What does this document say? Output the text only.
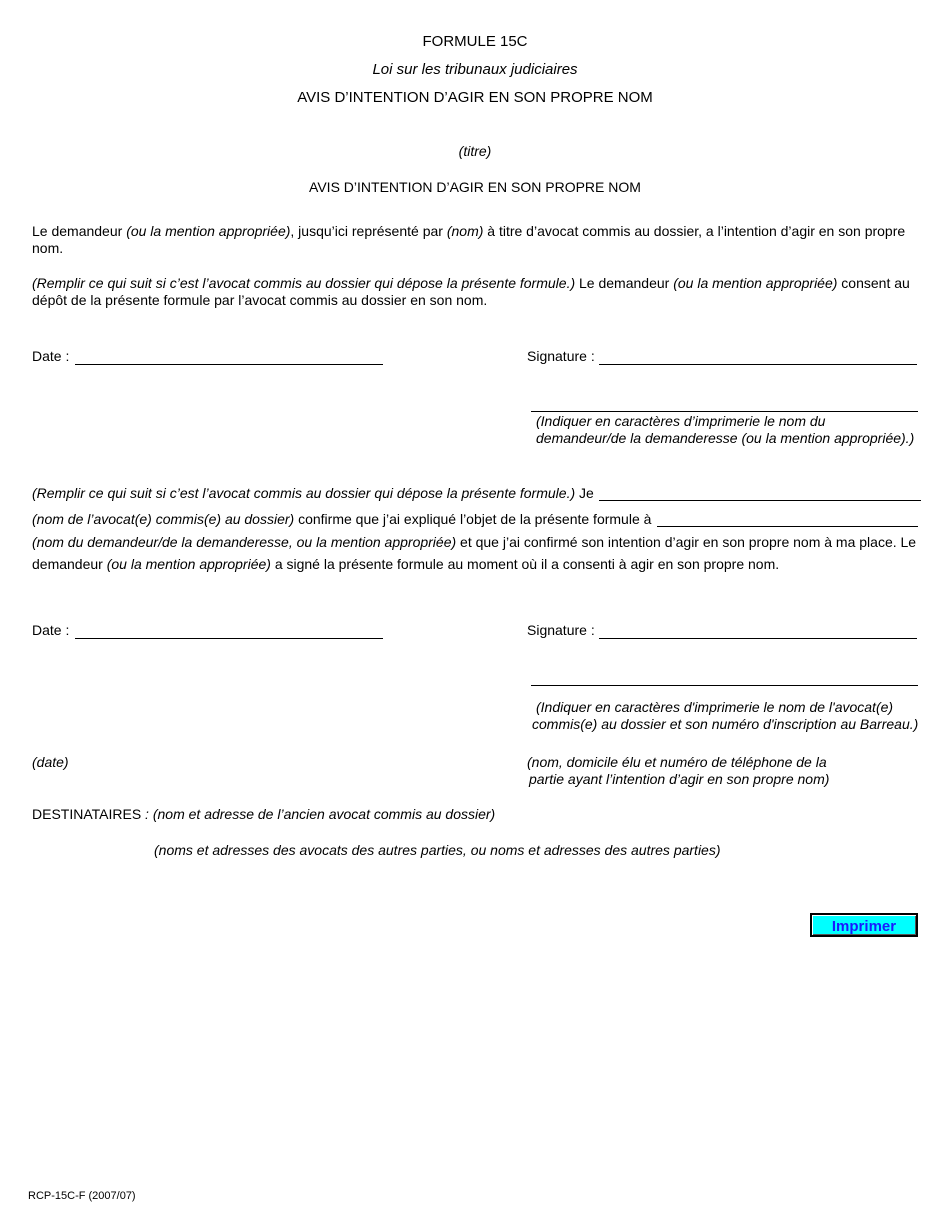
FORMULE 15C
Loi sur les tribunaux judiciaires
AVIS D’INTENTION D’AGIR EN SON PROPRE NOM
(titre)
AVIS D’INTENTION D’AGIR EN SON PROPRE NOM
Le demandeur (ou la mention appropriée), jusqu’ici représenté par (nom) à titre d’avocat commis au dossier, a l’intention d’agir en son propre nom.
(Remplir ce qui suit si c’est l’avocat commis au dossier qui dépose la présente formule.) Le demandeur (ou la mention appropriée) consent au dépôt de la présente formule par l’avocat commis au dossier en son nom.
Date :	Signature :
(Indiquer en caractères d’imprimerie le nom du
demandeur/de la demanderesse (ou la mention appropriée).)
(Remplir ce qui suit si c’est l’avocat commis au dossier qui dépose la présente formule.) Je
(nom de l’avocat(e) commis(e) au dossier) confirme que j’ai expliqué l’objet de la présente formule à
(nom du demandeur/de la demanderesse, ou la mention appropriée) et que j’ai confirmé son intention d’agir en son propre nom à ma place. Le
demandeur (ou la mention appropriée) a signé la présente formule au moment où il a consenti à agir en son propre nom.
Date :	Signature :
(Indiquer en caractères d'imprimerie le nom de l'avocat(e)
commis(e) au dossier et son numéro d'inscription au Barreau.)
(date)	(nom, domicile élu et numéro de téléphone de la
partie ayant l’intention d’agir en son propre nom)
DESTINATAIRES : (nom et adresse de l’ancien avocat commis au dossier)
(noms et adresses des avocats des autres parties, ou noms et adresses des autres parties)
Imprimer
RCP-15C-F (2007/07)
